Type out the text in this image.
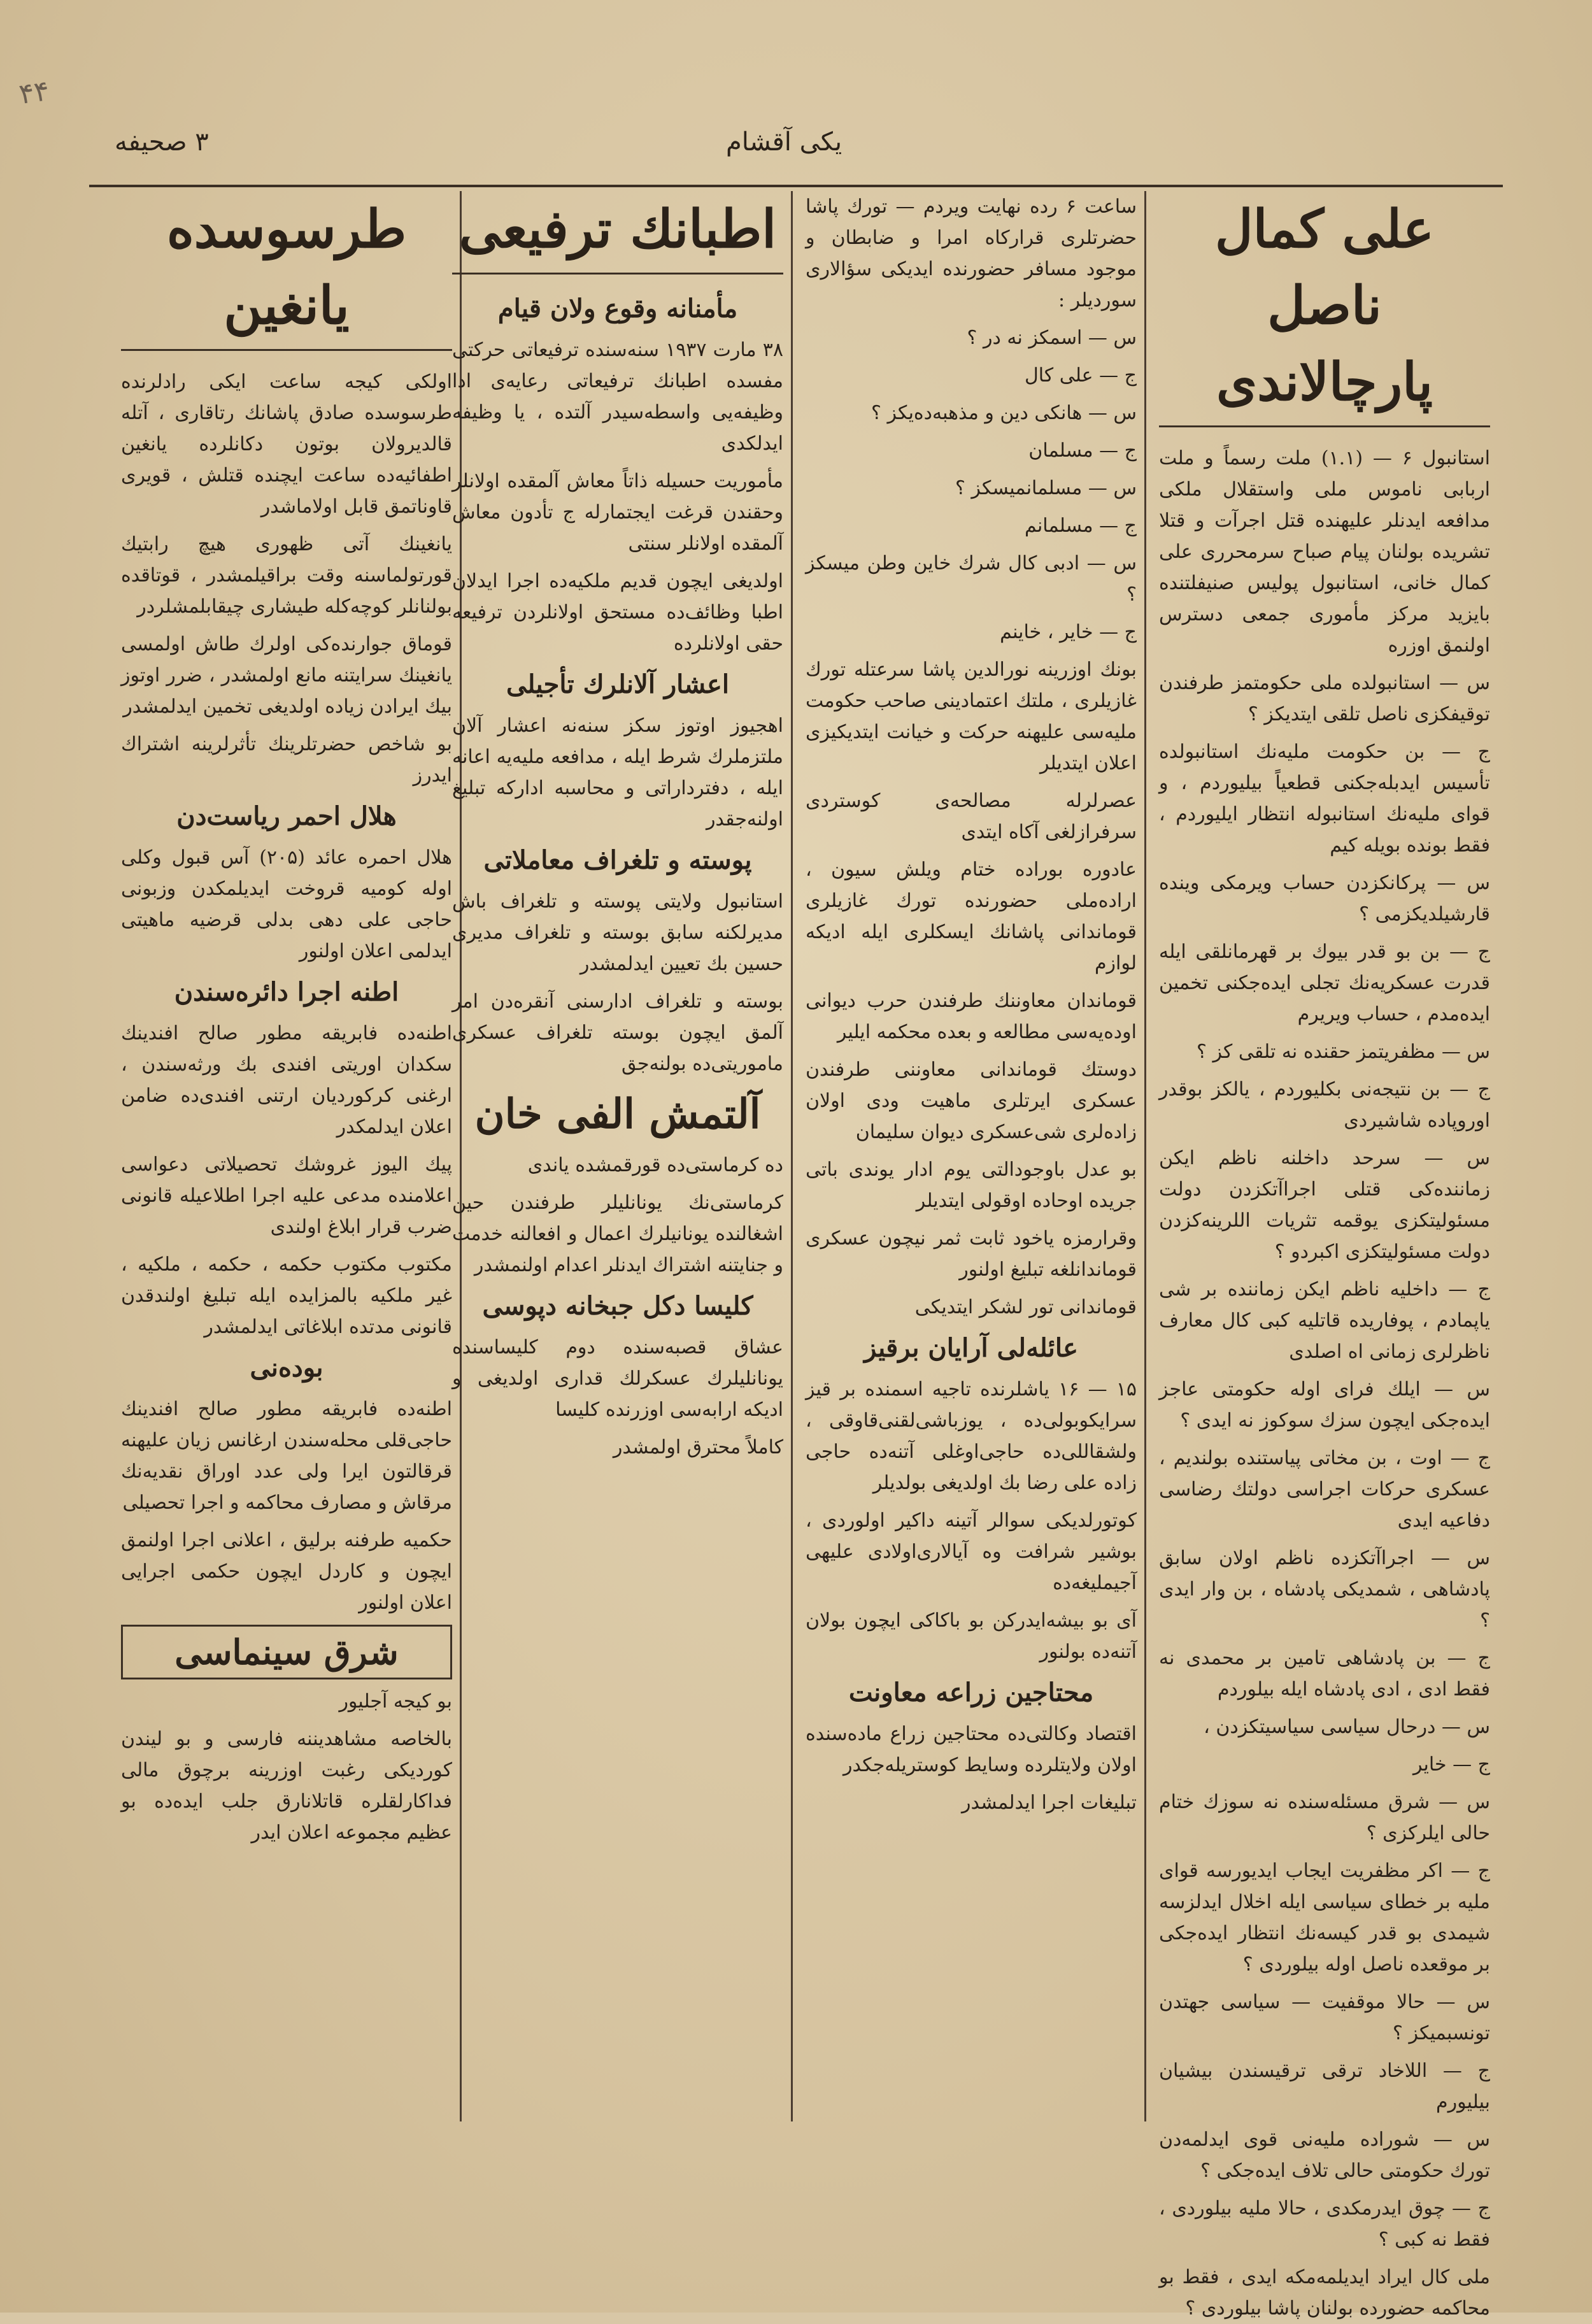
۴۴
یکی آقشام
۳ صحیفه
علی کمال ناصل پارچالاندی

استانبول ۶ — (۱.۱) ملت رسماً و ملت اربابی ناموس ملی واستقلال ملکی مدافعه ایدنلر علیهنده قتل اجرآت و قتلا تشریده بولنان پیام صباح سرمحرری علی کمال خانی، استانبول پولیس صنیفلتنده بایزید مرکز مأموری جمعی دسترس اولنمق اوزره

س — استانبولده ملی حکومتمز طرفندن توقیفکزی ناصل تلقی ایتدیکز ؟

ج — بن حکومت ملیه‌نك استانبولده تأسیس ایدبله‌جکنی قطعیاً بیلیوردم ، و قوای ملیه‌نك استانبوله انتظار ایلیوردم ، فقط بونده بویله کیم

س — پرکانکزدن حساب ویرمکی وینده قارشیلدیکزمی ؟

ج — بن بو قدر بیوك بر قهرمانلقی ایله قدرت عسکریه‌نك تجلی ایده‌جکنی تخمین ایده‌مدم ، حساب ویریرم

س — مظفریتمز حقنده نه تلقی کز ؟

ج — بن نتیجه‌نی بکلیوردم ، یالکز بوقدر اوروپاده شاشیردی

س — سرحد داخلنه ناظم ایکن زماننده‌کی قتلی اجراآتکزدن دولت مسئولیتکزی یوقمه تثریات اللرینه‌کزدن دولت مسئولیتکزی اکبردو ؟

ج — داخلیه ناظم ایکن زماننده بر شی یاپمادم ، پوفاریده قاتلیه کبی کال معارف ناظرلری زمانی اه اصلدی

س — ایلك فرای اوله حکومتی عاجز ایده‌جکی ایچون سزك سوکوز نه ایدی ؟

ج — اوت ، بن مخاتی پیاستنده بولندیم ، عسکری حرکات اجراسی دولتك رضاسی دفاعیه ایدی

س — اجراآتکزده ناظم اولان سابق پادشاهی ، شمدیکی پادشاه ، بن وار ایدی ؟

ج — بن پادشاهی تامین بر محمدی نه فقط ادی ، ادی پادشاه ایله بیلوردم

س — درحال سیاسی سیاسیتکزدن ،

ج — خایر

س — شرق مسئله‌سنده نه سوزك ختام حالی ایلرکزی ؟

ج — اکر مظفریت ایجاب ایدیورسه قوای ملیه بر خطای سیاسی ایله اخلال ایدلزسه شیمدی بو قدر کیسه‌نك انتظار ایده‌جکی بر موقعده ناصل اوله بیلوردی ؟

س — حالا موقفیت — سیاسی جهتدن تونسبمیکز ؟

ج — اللاخاد ترقی ترقیسندن بیشیان بیلیورم

س — شوراده ملیه‌نی قوی ایدلمه‌دن تورك حکومتی حالی تلاف ایده‌جکی ؟

ج — چوق ایدرمکدی ، حالا ملیه بیلوردی ، فقط نه کبی ؟

ملی کال ایراد ایدیلمه‌مکه ایدی ، فقط بو محاکمه حضورده بولنان پاشا بیلوردی ؟

ساعت ۶ رده نهایت ویردم — تورك پاشا حضرتلری قرارکاه امرا و ضابطان و موجود مسافر حضورنده ایدیکی سؤالاری سوردیلر :

س — اسمکز نه در ؟

ج — علی کال

س — هانکی دین و مذهبه‌ده‌یکز ؟

ج — مسلمان

س — مسلمانمیسکز ؟

ج — مسلمانم

س — ادبی کال شرك خاین وطن میسکز ؟

ج — خایر ، خاینم

بونك اوزرینه نورالدین پاشا سرعتله تورك غازیلری ، ملتك اعتمادینی صاحب حکومت ملیه‌سی علیهنه حرکت و خیانت ایتدیکیزی اعلان ایتدیلر

عصرلرله مصالحه‌ی کوستردی سرفرازلغی آکاه ایتدی

عادوره بوراده ختام ویلش سیون ، اراده‌ملی حضورنده تورك غازیلری قوماندانی پاشانك ایسکلری ایله ادیکه لوازم

قوماندان معاوننك طرفندن حرب دیوانی اوده‌یه‌سی مطالعه و بعده محکمه ایلیر

دوستك قوماندانی معاوننی طرفندن عسکری ایرتلری ماهیت ودی اولان زاده‌لری شی‌عسکری دیوان سلیمان

بو عدل باوجودالتی یوم ادار یوندی باتی جریده اوحاده اوقولی ایتدیلر

وقرارمزه یاخود ثابت ثمر نیچون عسکری قوماندانلغه تبلیغ اولنور

قوماندانی تور لشکر ایتدیکی

عائله‌لی آرایان برقیز

۱۵ — ۱۶ یاشلرنده تاجیه اسمنده بر قیز سرایکوبولی‌ده ، یوزباشی‌لقنی‌قاوقی ، ولشقاللی‌ده حاجی‌اوغلی آتنه‌ده حاجی زاده علی رضا بك اولدیغی بولدیلر

کوتورلدیکی سوالر آتینه داکیر اولوردی ، بوشیر شرافت وه آیالاری‌اولادی علیهی آجیملیغه‌ده

آی بو بیشه‌ایدرکن بو باکاکی ایچون بولان آتنه‌ده بولنور

محتاجین زراعه معاونت

اقتصاد وکالتی‌ده محتاجین زراع ماده‌سنده اولان ولایتلرده وسایط کوستریله‌جکدر

تبلیغات اجرا ایدلمشدر

اطبانك ترفیعی

مأمنانه وقوع ولان قیام

۳۸ مارت ۱۹۳۷ سنه‌سنده ترفیعاتی حرکتی مفسده اطبانك ترفیعاتی رعایه‌ی ادا وظیفه‌یی واسطه‌سیدر آلتده ، یا وظیفه ایدلکدی

مأموریت حسیله ذاتاً معاش آلمقده اولانلر وحقندن قرغت ایجتمارله ج تأدون معاش آلمقده اولانلر سنتی

اولدیغی ایچون قدیم ملکیه‌ده اجرا ایدلان اطبا وظائف‌ده مستحق اولانلردن ترفیعه حقی اولانلرده

اعشار آلانلرك تأجیلی

اهجیوز اوتوز سکز سنه‌نه اعشار آلان ملتزملرك شرط ایله ، مدافعه ملیه‌یه اعانه ایله ، دفترداراتی و محاسبه ادارکه تبلیغ اولنه‌جقدر

پوسته و تلغراف معاملاتی

استانبول ولایتی پوسته و تلغراف باش مدیرلکنه سابق بوسته و تلغراف مدیری حسین بك تعیین ایدلمشدر

بوسته و تلغراف ادارسنی آنقره‌دن امر آلمق ایچون بوسته تلغراف عسکری ماموریتی‌ده بولنه‌جق

آلتمش الفی خان

ده کرماستی‌ده قورقمشده یاندی

کرماستی‌نك یونانلیلر طرفندن حین اشغالنده یونانیلرك اعمال و افعالنه خدمت و جنایتنه اشتراك ایدنلر اعدام اولنمشدر

کلیسا دکل جبخانه دپوسی

عشاق قصبه‌سنده دوم کلیساسنده یونانلیلرك عسکرلك قداری اولدیغی و ادیکه ارابه‌سی اوزرنده کلیسا

کاملاً محترق اولمشدر

طرسوسده یانغین

اولکی کیجه ساعت ایکی رادلرنده طرسوسده صادق پاشانك رتاقاری ، آتله قالدیرولان بوتون دکانلرده یانغین اطفائیه‌ده ساعت ایچنده قتلش ، قویری قاوناتمق قابل اولاماشدر

یانغینك آتی ظهوری هیچ رابتیك قورتولماسنه وقت براقیلمشدر ، قوتاقده بولنانلر کوچه‌کله طیشاری چیقابلمشلردر

قوماق جوارنده‌کی اولرك طاش اولمسی یانغینك سرایتنه مانع اولمشدر ، ضرر اوتوز بیك ایرادن زیاده اولدیغی تخمین ایدلمشدر

بو شاخص حضرتلرینك تأثرلرینه اشتراك ایدرز

هلال احمر ریاست‌دن

هلال احمره عائد (۲۰۵) آس قبول وکلی اوله کومیه قروخت ایدیلمکدن وزبونی حاجی علی دهی بدلی قرضیه ماهیتی ایدلمی اعلان اولنور

اطنه اجرا دائره‌سندن

اطنه‌ده فابریقه مطور صالح افندینك سکدان اوریتی افندی بك ورثه‌سندن ، ارغنی کرکوردیان ارتنی افندی‌ده ضامن اعلان ایدلمکدر

پیك الیوز غروشك تحصیلاتی دعواسی اعلامنده مدعی علیه اجرا اطلاعیله قانونی ضرب قرار ابلاغ اولندی

مکتوب مکتوب حکمه ، حکمه ، ملکیه ، غیر ملکیه بالمزایده ایله تبلیغ اولندقدن قانونی مدتده ابلاغاتی ایدلمشدر

بوده‌نی

اطنه‌ده فابریقه مطور صالح افندینك حاجی‌قلی محله‌سندن ارغانس زیان علیهنه قرقالتون ایرا ولی عدد اوراق نقدیه‌نك مرقاش و مصارف محاکمه و اجرا تحصیلی

حکمیه طرفنه برلیق ، اعلانی اجرا اولنمق ایچون و کاردل ایچون حکمی اجرایی اعلان اولنور

شرق سینماسی

بو کیجه آجلیور

بالخاصه مشاهدیننه فارسی و بو لیندن کوردیکی رغبت اوزرینه برچوق مالی فداکارلقلره قاتلانارق جلب ایده‌ده بو عظیم مجموعه اعلان ایدر
